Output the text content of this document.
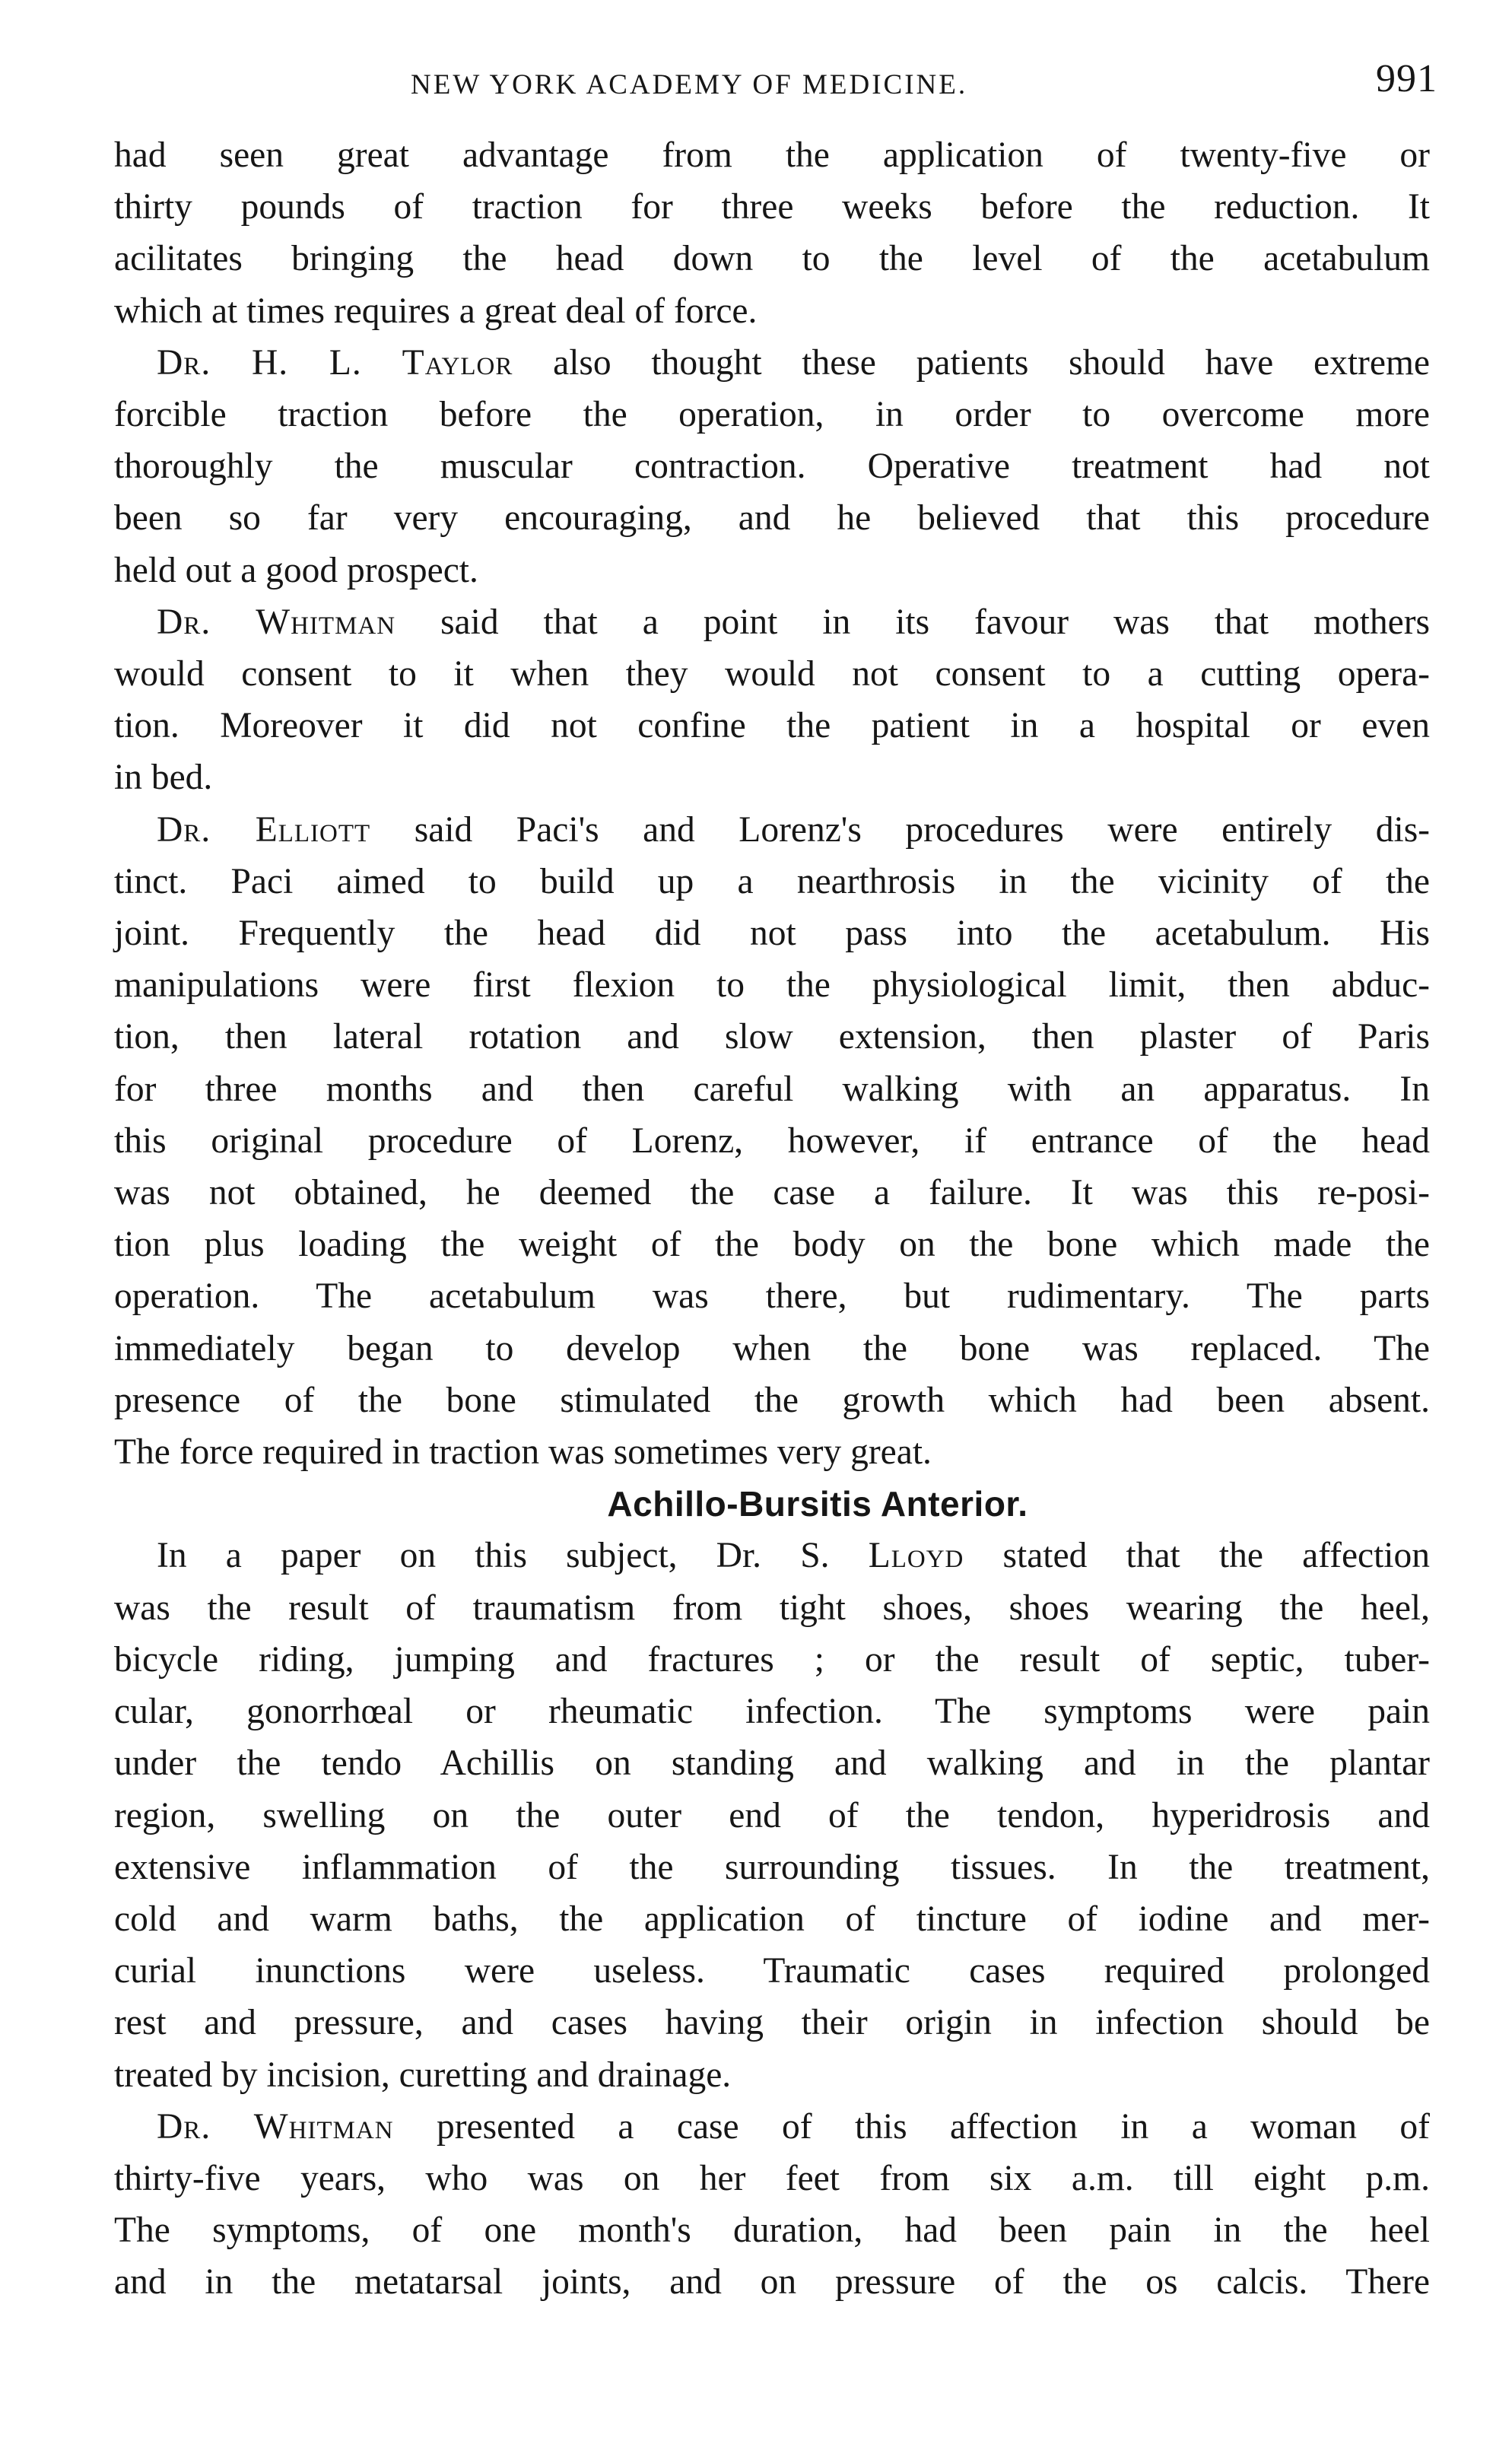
NEW YORK ACADEMY OF MEDICINE.	991

had seen great advantage from the application of twenty-five or
thirty pounds of traction for three weeks before the reduction. It
acilitates bringing the head down to the level of the acetabulum
which at times requires a great deal of force.

Dr. H. L. Taylor also thought these patients should have extreme
forcible traction before the operation, in order to overcome more
thoroughly the muscular contraction. Operative treatment had not
been so far very encouraging, and he believed that this procedure
held out a good prospect.

Dr. Whitman said that a point in its favour was that mothers
would consent to it when they would not consent to a cutting opera-
tion. Moreover it did not confine the patient in a hospital or even
in bed.

Dr. Elliott said Paci's and Lorenz's procedures were entirely dis-
tinct. Paci aimed to build up a nearthrosis in the vicinity of the
joint. Frequently the head did not pass into the acetabulum. His
manipulations were first flexion to the physiological limit, then abduc-
tion, then lateral rotation and slow extension, then plaster of Paris
for three months and then careful walking with an apparatus. In
this original procedure of Lorenz, however, if entrance of the head
was not obtained, he deemed the case a failure. It was this re-posi-
tion plus loading the weight of the body on the bone which made the
operation. The acetabulum was there, but rudimentary. The parts
immediately began to develop when the bone was replaced. The
presence of the bone stimulated the growth which had been absent.
The force required in traction was sometimes very great.

Achillo-Bursitis Anterior.

In a paper on this subject, Dr. S. Lloyd stated that the affection
was the result of traumatism from tight shoes, shoes wearing the heel,
bicycle riding, jumping and fractures ; or the result of septic, tuber-
cular, gonorrhœal or rheumatic infection. The symptoms were pain
under the tendo Achillis on standing and walking and in the plantar
region, swelling on the outer end of the tendon, hyperidrosis and
extensive inflammation of the surrounding tissues. In the treatment,
cold and warm baths, the application of tincture of iodine and mer-
curial inunctions were useless. Traumatic cases required prolonged
rest and pressure, and cases having their origin in infection should be
treated by incision, curetting and drainage.

Dr. Whitman presented a case of this affection in a woman of
thirty-five years, who was on her feet from six a.m. till eight p.m.
The symptoms, of one month's duration, had been pain in the heel
and in the metatarsal joints, and on pressure of the os calcis. There
